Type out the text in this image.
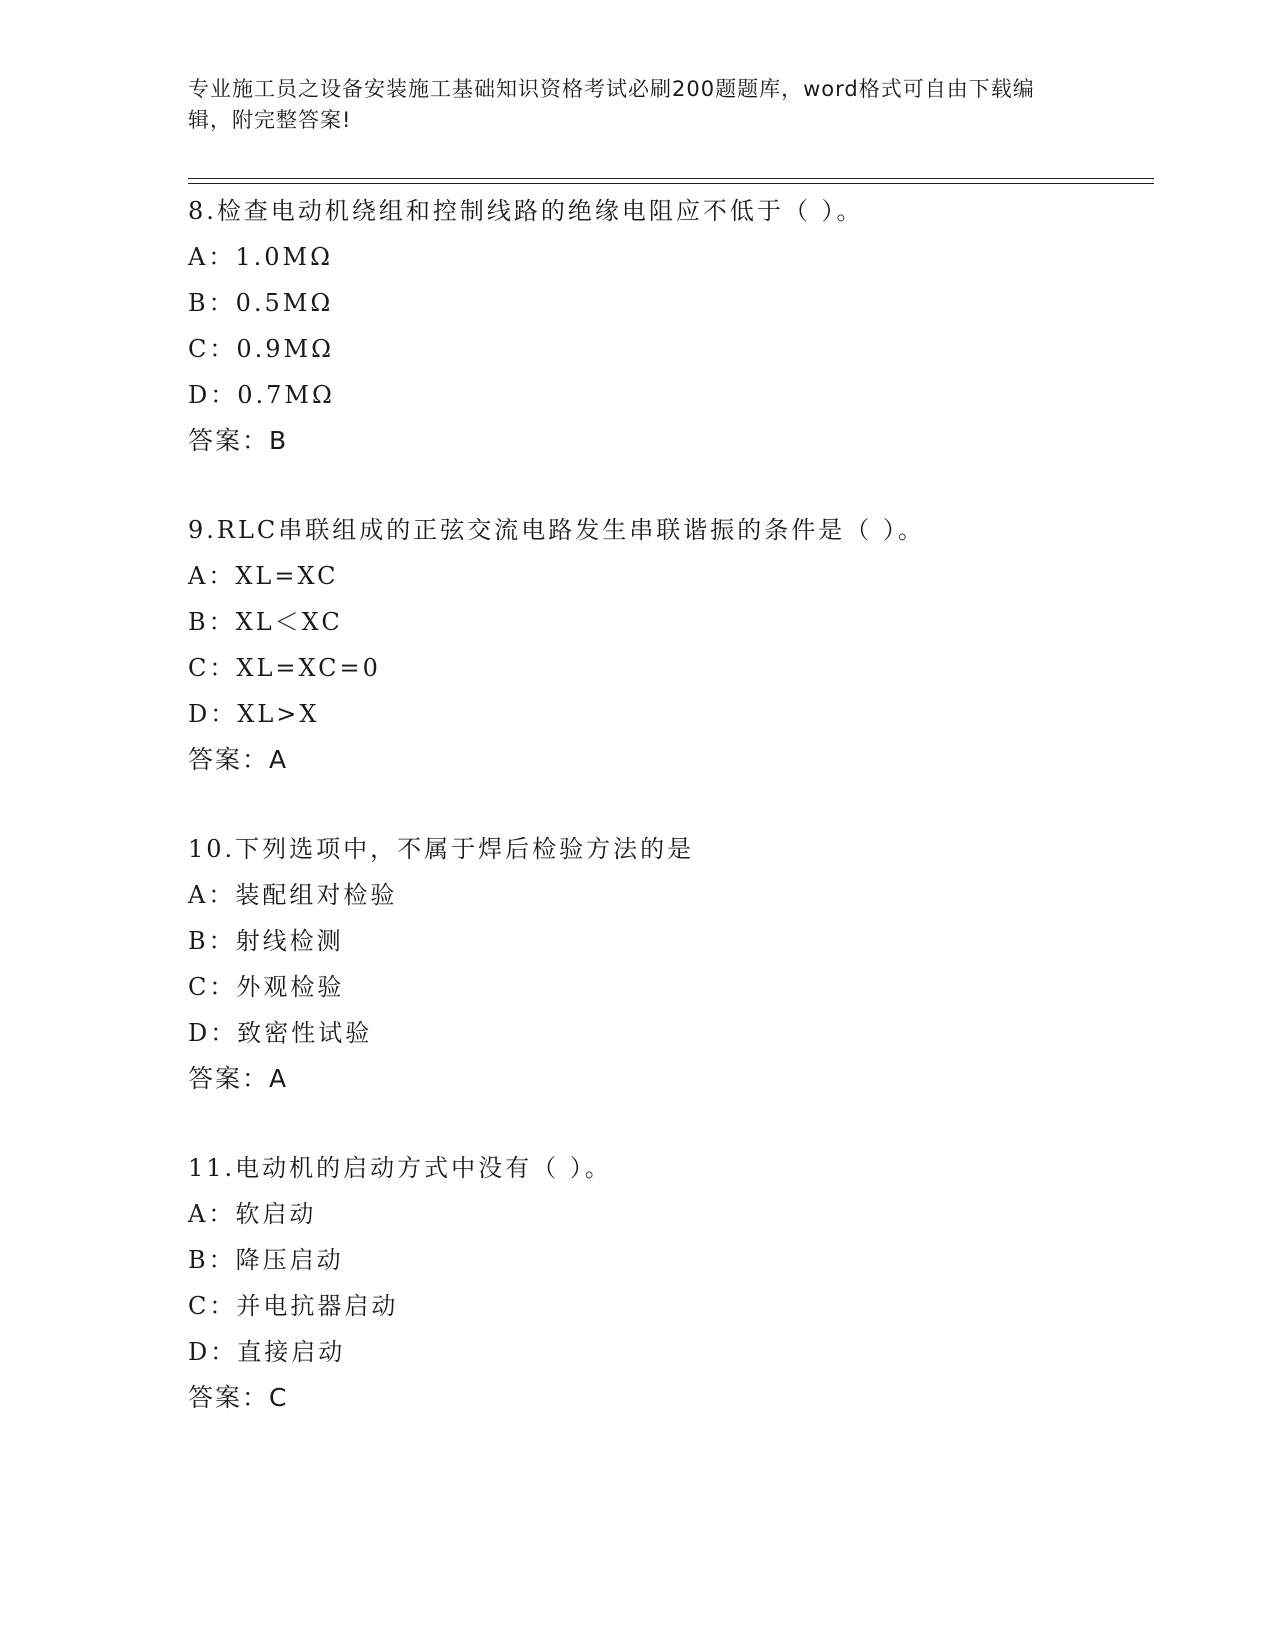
专业施工员之设备安装施工基础知识资格考试必刷200题题库，word格式可自由下载编辑，附完整答案!
8.检查电动机绕组和控制线路的绝缘电阻应不低于（ ）。
A：1.0MΩ
B：0.5MΩ
C：0.9MΩ
D：0.7MΩ
答案：B
9.RLC串联组成的正弦交流电路发生串联谐振的条件是（ ）。
A：XL=XC
B：XL＜XC
C：XL=XC=0
D：XL>X
答案：A
10.下列选项中，不属于焊后检验方法的是
A：装配组对检验
B：射线检测
C：外观检验
D：致密性试验
答案：A
11.电动机的启动方式中没有（ ）。
A：软启动
B：降压启动
C：并电抗器启动
D：直接启动
答案：C
